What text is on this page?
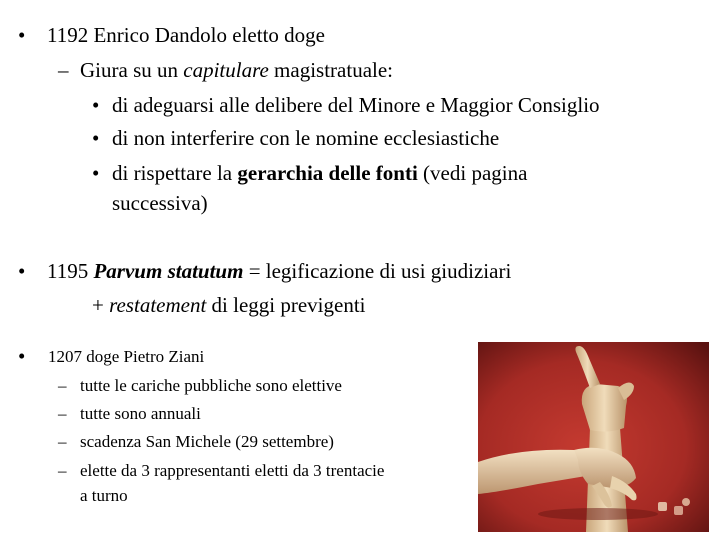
• 1192 Enrico Dandolo eletto doge
– Giura su un capitulare magistratuale:
• di adeguarsi alle delibere del Minore e Maggior Consiglio
• di non interferire con le nomine ecclesiastiche
• di rispettare la gerarchia delle fonti (vedi pagina
successiva)
• 1195 Parvum statutum = legificazione di usi giudiziari
+ restatement di leggi previgenti
• 1207 doge Pietro Ziani
– tutte le cariche pubbliche sono elettive
– tutte sono annuali
– scadenza San Michele (29 settembre)
– elette da 3 rappresentanti eletti da 3 trentacie
a turno
